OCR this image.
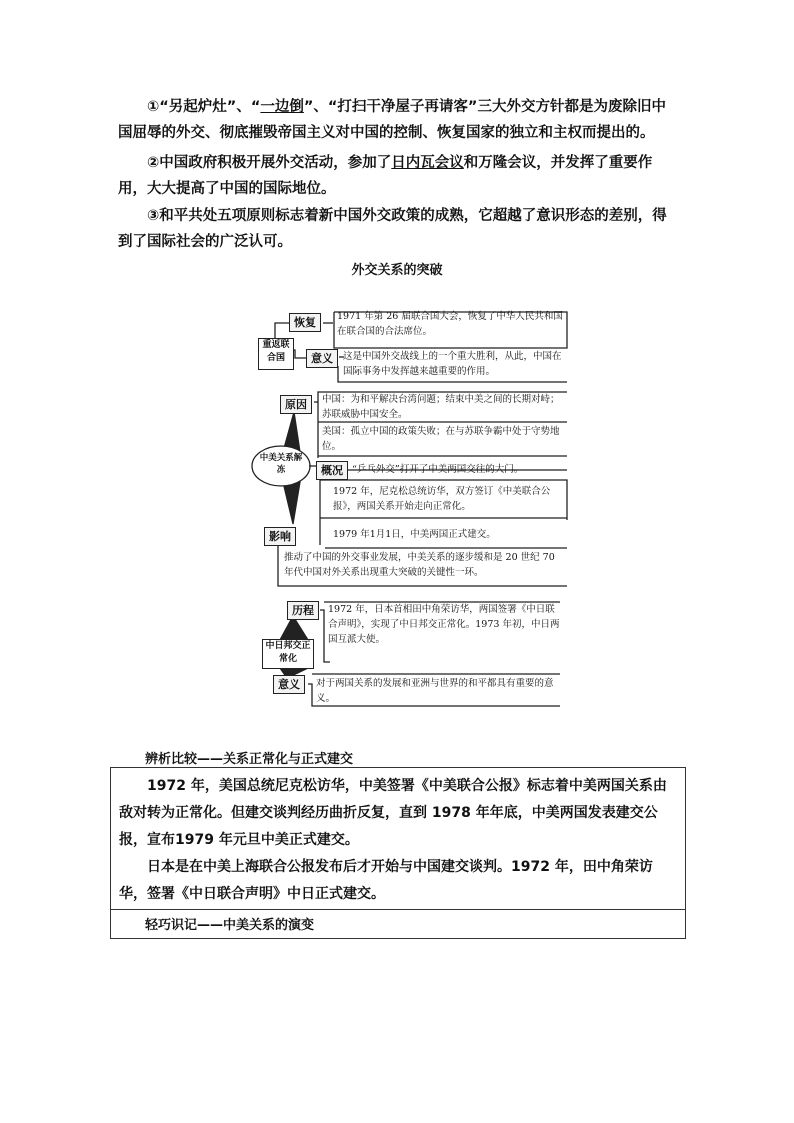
①“另起炉灶”、“一边倒”、“打扫干净屋子再请客”三大外交方针都是为废除旧中国屈辱的外交、彻底摧毁帝国主义对中国的控制、恢复国家的独立和主权而提出的。

②中国政府积极开展外交活动，参加了日内瓦会议和万隆会议，并发挥了重要作用，大大提高了中国的国际地位。

③和平共处五项原则标志着新中国外交政策的成熟，它超越了意识形态的差别，得到了国际社会的广泛认可。

外交关系的突破
重返联合国
恢复	1971 年第 26 届联合国大会，恢复了中华人民共和国在联合国的合法席位。
意义	这是中国外交战线上的一个重大胜利，从此，中国在国际事务中发挥越来越重要的作用。
原因	中国：为和平解决台湾问题；结束中美之间的长期对峙；苏联威胁中国安全。
美国：孤立中国的政策失败；在与苏联争霸中处于守势地位。
中美关系解冻	概况 “乒乓外交”打开了中美两国交往的大门。
1972 年，尼克松总统访华，双方签订《中美联合公报》，两国关系开始走向正常化。
1979 年1月1日，中美两国正式建交。
影响
推动了中国的外交事业发展，中美关系的逐步缓和是 20 世纪 70 年代中国对外关系出现重大突破的关键性一环。
历程	1972 年，日本首相田中角荣访华，两国签署《中日联合声明》，实现了中日邦交正常化。1973 年初，中日两国互派大使。
中日邦交正常化
意义	对于两国关系的发展和亚洲与世界的和平都具有重要的意义。
辨析比较——关系正常化与正式建交

1972 年，美国总统尼克松访华，中美签署《中美联合公报》标志着中美两国关系由敌对转为正常化。但建交谈判经历曲折反复，直到 1978 年年底，中美两国发表建交公报，宣布1979 年元旦中美正式建交。

日本是在中美上海联合公报发布后才开始与中国建交谈判。1972 年，田中角荣访华，签署《中日联合声明》中日正式建交。

轻巧识记——中美关系的演变
